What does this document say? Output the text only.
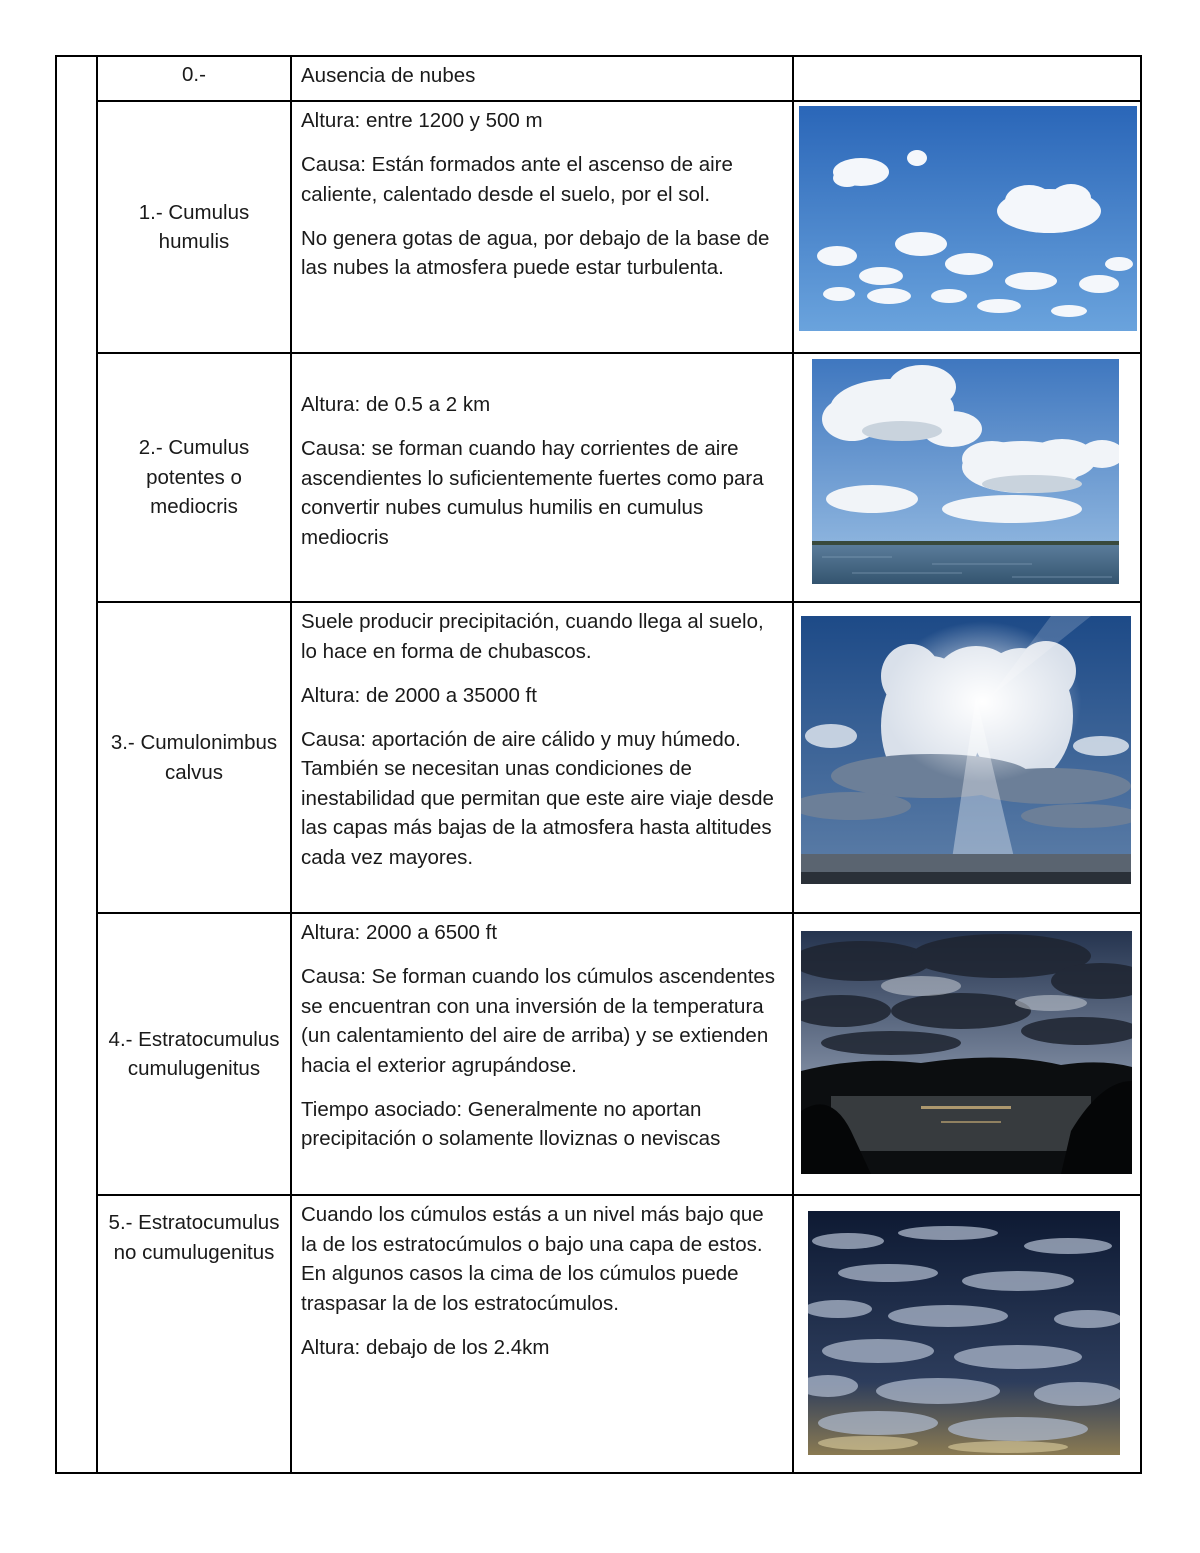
0.-	Ausencia de nubes

1.- Cumulus humulis

Altura: entre 1200 y 500 m

Causa: Están formados ante el ascenso de aire caliente, calentado desde el suelo, por el sol.

No genera gotas de agua, por debajo de la base de las nubes la atmosfera puede estar turbulenta.

2.- Cumulus potentes o mediocris

Altura: de 0.5 a 2 km

Causa: se forman cuando hay corrientes de aire ascendientes lo suficientemente fuertes como para convertir nubes cumulus humilis en cumulus mediocris

3.- Cumulonimbus calvus

Suele producir precipitación, cuando llega al suelo, lo hace en forma de chubascos.

Altura: de 2000 a 35000 ft

Causa: aportación de aire cálido y muy húmedo. También se necesitan unas condiciones de inestabilidad que permitan que este aire viaje desde las capas más bajas de la atmosfera hasta altitudes cada vez mayores.

4.- Estratocumulus cumulugenitus

Altura: 2000 a 6500 ft

Causa: Se forman cuando los cúmulos ascendentes se encuentran con una inversión de la temperatura (un calentamiento del aire de arriba) y se extienden hacia el exterior agrupándose.

Tiempo asociado: Generalmente no aportan precipitación o solamente lloviznas o neviscas

5.- Estratocumulus no cumulugenitus

Cuando los cúmulos estás a un nivel más bajo que la de los estratocúmulos o bajo una capa de estos. En algunos casos la cima de los cúmulos puede traspasar la de los estratocúmulos.

Altura: debajo de los 2.4km
